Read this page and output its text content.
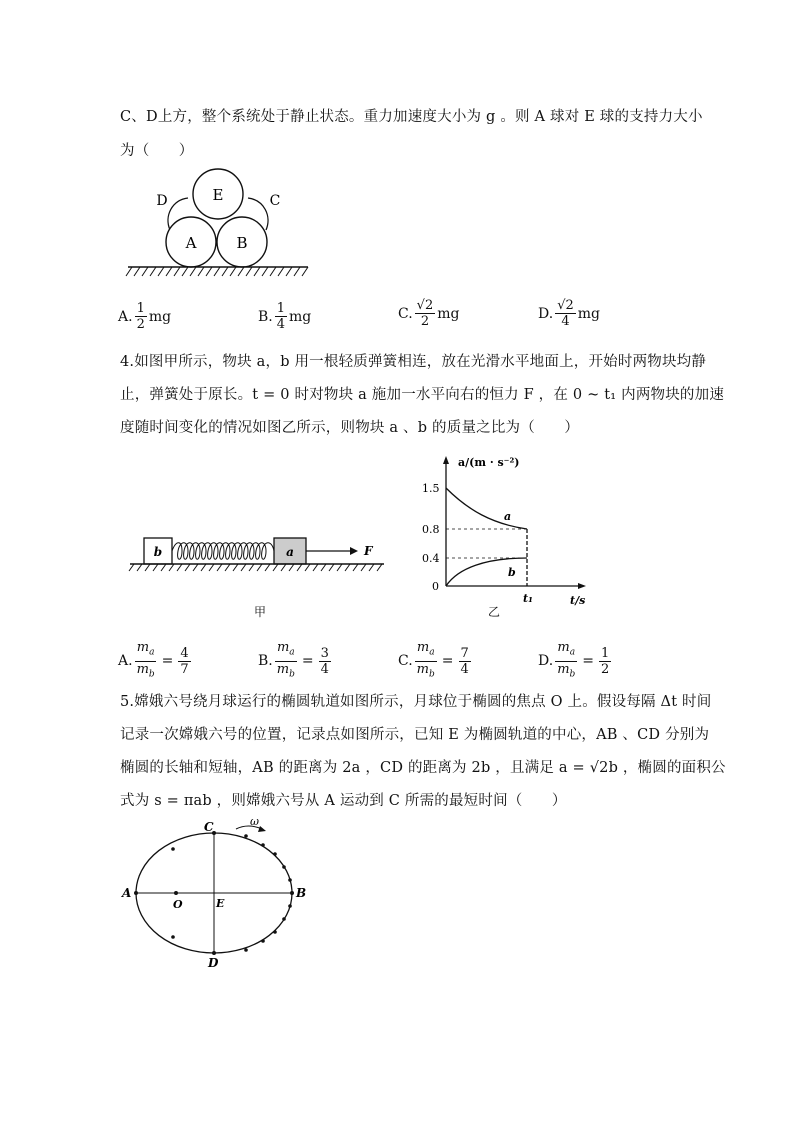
C、D上方，整个系统处于静止状态。重力加速度大小为 g 。则 A 球对 E 球的支持力大小
为（　　）
E
A	B
D	C
A. $\frac{1}{2}$ mg	B. $\frac{1}{4}$ mg	C. $\frac{√2}{2}$ mg	D. $\frac{√2}{4}$ mg
4.如图甲所示，物块 a，b 用一根轻质弹簧相连，放在光滑水平地面上，开始时两物块均静
止，弹簧处于原长。t = 0 时对物块 a 施加一水平向右的恒力 F ，在 0 ~ t₁ 内两物块的加速
度随时间变化的情况如图乙所示，则物块 a 、b 的质量之比为（　　）
b	a	F
甲
a/(m · s⁻²)
1.5
0.8
0.4
0
a
b
t₁	t/s
乙
A. $\frac{m_a}{m_b} = \frac{4}{7}$	B. $\frac{m_a}{m_b} = \frac{3}{4}$	C. $\frac{m_a}{m_b} = \frac{7}{4}$	D. $\frac{m_a}{m_b} = \frac{1}{2}$
5.嫦娥六号绕月球运行的椭圆轨道如图所示，月球位于椭圆的焦点 O 上。假设每隔 Δt 时间
记录一次嫦娥六号的位置，记录点如图所示，已知 E 为椭圆轨道的中心，AB 、CD 分别为
椭圆的长轴和短轴，AB 的距离为 2a ，CD 的距离为 2b ，且满足 a = √2b ，椭圆的面积公
式为 s = πab ，则嫦娥六号从 A 运动到 C 所需的最短时间（　　）
A	B
C
D
O	E
ω
